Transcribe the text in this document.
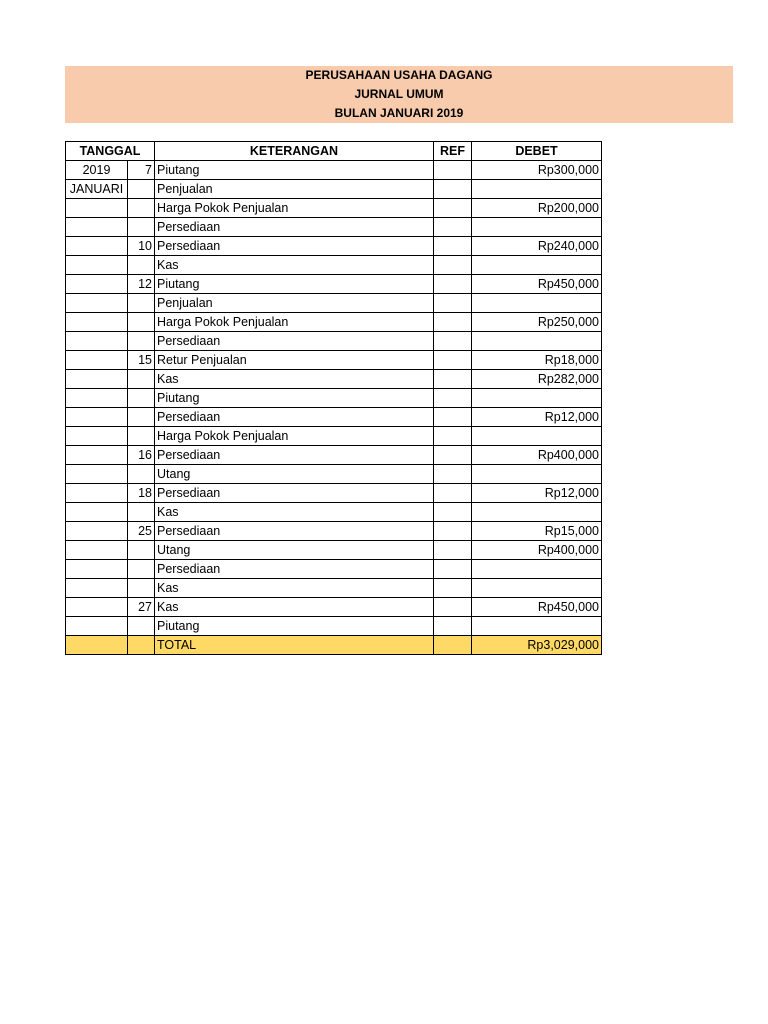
PERUSAHAAN USAHA DAGANG
JURNAL UMUM
BULAN JANUARI 2019
TANGGAL		KETERANGAN	REF	DEBET
2019	7	Piutang		Rp300,000
JANUARI		Penjualan		
		Harga Pokok Penjualan		Rp200,000
		Persediaan		
	10	Persediaan		Rp240,000
		Kas		
	12	Piutang		Rp450,000
		Penjualan		
		Harga Pokok Penjualan		Rp250,000
		Persediaan		
	15	Retur Penjualan		Rp18,000
		Kas		Rp282,000
		Piutang		
		Persediaan		Rp12,000
		Harga Pokok Penjualan		
	16	Persediaan		Rp400,000
		Utang		
	18	Persediaan		Rp12,000
		Kas		
	25	Persediaan		Rp15,000
		Utang		Rp400,000
		Persediaan		
		Kas		
	27	Kas		Rp450,000
		Piutang		
		TOTAL		Rp3,029,000
